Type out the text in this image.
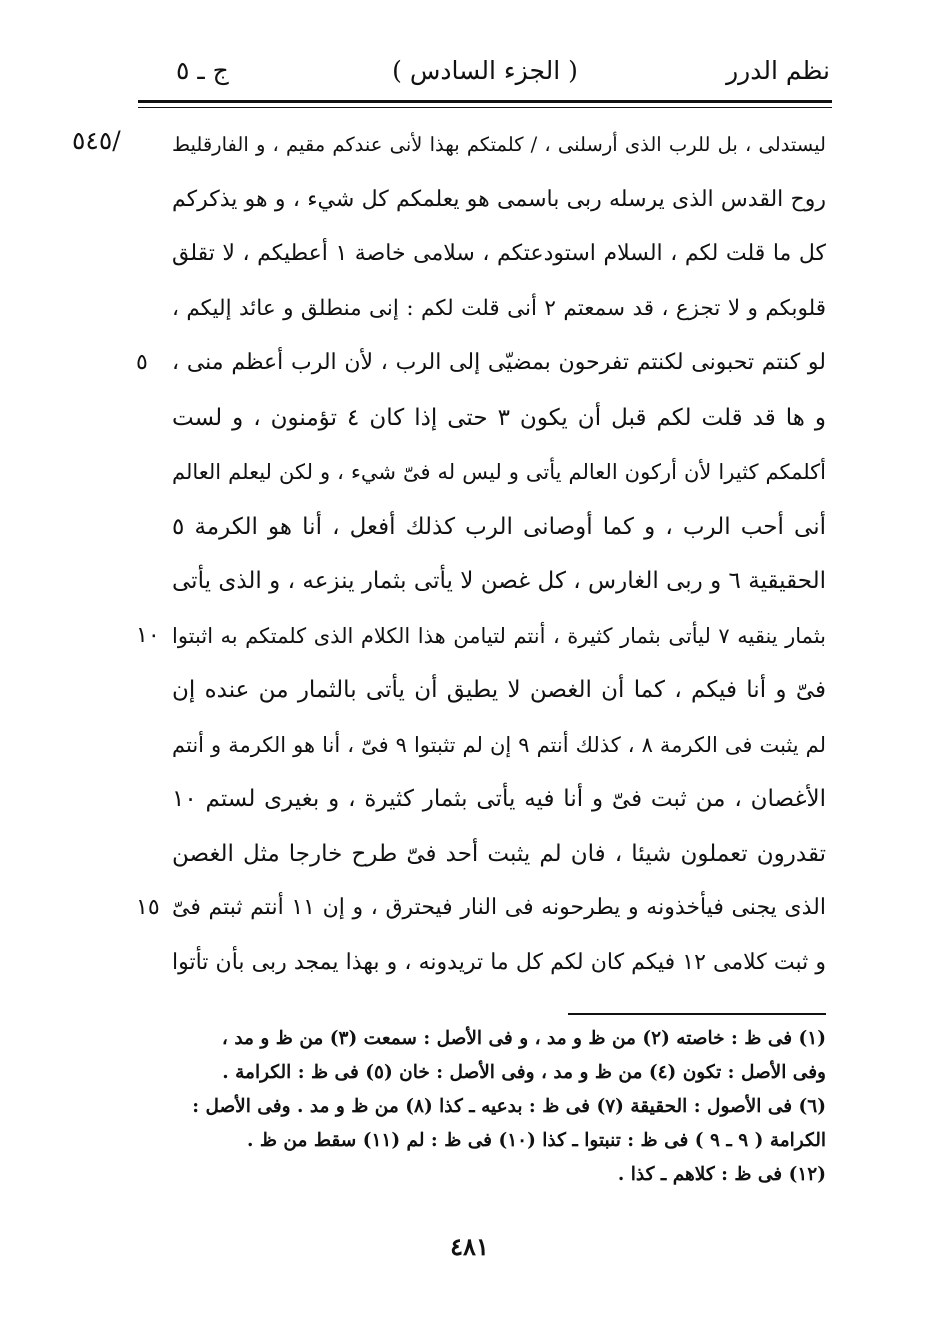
نظم الدرر
( الجزء السادس )
ج ـ ٥
/٥٤٥	ليستدلى ، بل للرب الذى أرسلنى ، / كلمتكم بهذا لأنى عندكم مقيم ، و الفارقليط
روح القدس الذى يرسله ربى باسمى هو يعلمكم كل شيء ، و هو يذكركم
كل ما قلت لكم ، السلام استودعتكم ، سلامى خاصة ١ أعطيكم ، لا تقلق
قلوبكم و لا تجزع ، قد سمعتم ٢ أنى قلت لكم : إنى منطلق و عائد إليكم ،
لو كنتم تحبونى لكنتم تفرحون بمضيّى إلى الرب ، لأن الرب أعظم منى ،
و ها قد قلت لكم قبل أن يكون ٣ حتى إذا كان ٤ تؤمنون ، و لست
أكلمكم كثيرا لأن أركون العالم يأتى و ليس له فىّ شيء ، و لكن ليعلم العالم
أنى أحب الرب ، و كما أوصانى الرب كذلك أفعل ، أنا هو الكرمة ٥
الحقيقية ٦ و ربى الغارس ، كل غصن لا يأتى بثمار ينزعه ، و الذى يأتى
بثمار ينقيه ٧ ليأتى بثمار كثيرة ، أنتم لتيامن هذا الكلام الذى كلمتكم به اثبتوا
فىّ و أنا فيكم ، كما أن الغصن لا يطيق أن يأتى بالثمار من عنده إن
لم يثبت فى الكرمة ٨ ، كذلك أنتم ٩ إن لم تثبتوا ٩ فىّ ، أنا هو الكرمة و أنتم
الأغصان ، من ثبت فىّ و أنا فيه يأتى بثمار كثيرة ، و بغيرى لستم ١٠
تقدرون تعملون شيئا ، فان لم يثبت أحد فىّ طرح خارجا مثل الغصن
الذى يجنى فيأخذونه و يطرحونه فى النار فيحترق ، و إن ١١ أنتم ثبتم فىّ
و ثبت كلامى ١٢ فيكم كان لكم كل ما تريدونه ، و بهذا يمجد ربى بأن تأتوا
٥
١٠
١٥
(١) فى ظ : خاصته (٢) من ظ و مد ، و فى الأصل : سمعت (٣) من ظ و مد ،
وفى الأصل : تكون (٤) من ظ و مد ، وفى الأصل : خان (٥) فى ظ : الكرامة .
(٦) فى الأصول : الحقيقة (٧) فى ظ : بدعيه ـ كذا (٨) من ظ و مد . وفى الأصل :
الكرامة ( ٩ ـ ٩ ) فى ظ : تنبتوا ـ كذا (١٠) فى ظ : لم (١١) سقط من ظ .
(١٢) فى ظ : كلاهم ـ كذا .
٤٨١
